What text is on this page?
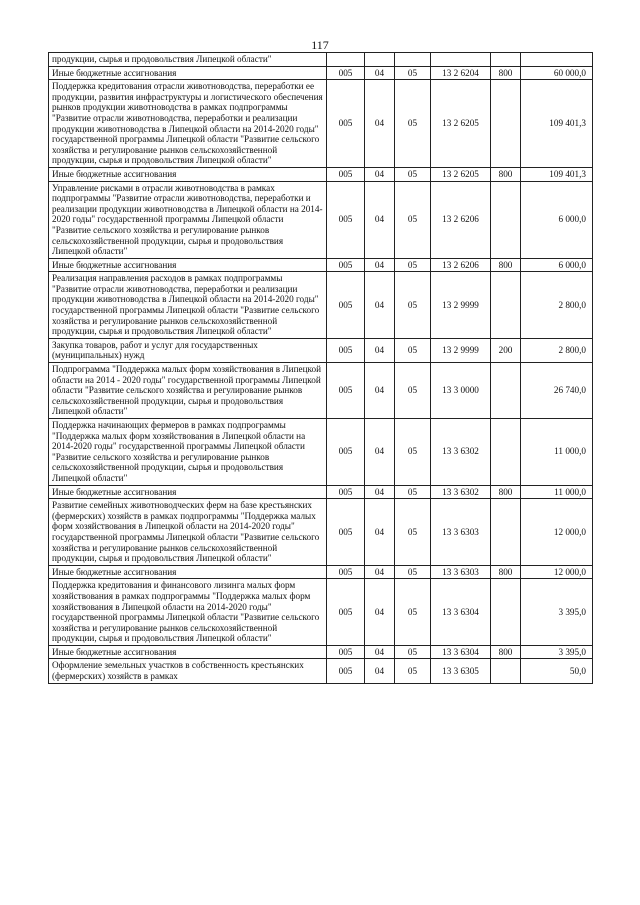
117
продукции, сырья и продовольствия Липецкой области"						
Иные бюджетные ассигнования	005	04	05	13 2 6204	800	60 000,0
Поддержка кредитования отрасли животноводства, переработки ее продукции, развития инфраструктуры и логистического обеспечения рынков продукции животноводства в рамках подпрограммы "Развитие отрасли животноводства, переработки и реализации продукции животноводства в Липецкой области на 2014-2020 годы" государственной программы Липецкой области "Развитие сельского хозяйства и регулирование рынков сельскохозяйственной продукции, сырья и продовольствия Липецкой области"	005	04	05	13 2 6205		109 401,3
Иные бюджетные ассигнования	005	04	05	13 2 6205	800	109 401,3
Управление рисками в отрасли животноводства в рамках подпрограммы "Развитие отрасли животноводства, переработки и реализации продукции животноводства в Липецкой области на 2014-2020 годы" государственной программы Липецкой области "Развитие сельского хозяйства и регулирование рынков сельскохозяйственной продукции, сырья и продовольствия Липецкой области"	005	04	05	13 2 6206		6 000,0
Иные бюджетные ассигнования	005	04	05	13 2 6206	800	6 000,0
Реализация направления расходов в рамках подпрограммы "Развитие отрасли животноводства, переработки и реализации продукции животноводства в Липецкой области на 2014-2020 годы" государственной программы Липецкой области "Развитие сельского хозяйства и регулирование рынков сельскохозяйственной продукции, сырья и продовольствия Липецкой области"	005	04	05	13 2 9999		2 800,0
Закупка товаров, работ и услуг для государственных (муниципальных) нужд	005	04	05	13 2 9999	200	2 800,0
Подпрограмма "Поддержка малых форм хозяйствования в Липецкой области на 2014 - 2020 годы" государственной программы Липецкой области "Развитие сельского хозяйства и регулирование рынков сельскохозяйственной продукции, сырья и продовольствия Липецкой области"	005	04	05	13 3 0000		26 740,0
Поддержка начинающих фермеров в рамках подпрограммы "Поддержка малых форм хозяйствования в Липецкой области на 2014-2020 годы" государственной программы Липецкой области "Развитие сельского хозяйства и регулирование рынков сельскохозяйственной продукции, сырья и продовольствия Липецкой области"	005	04	05	13 3 6302		11 000,0
Иные бюджетные ассигнования	005	04	05	13 3 6302	800	11 000,0
Развитие семейных животноводческих ферм на базе крестьянских (фермерских) хозяйств в рамках подпрограммы "Поддержка малых форм хозяйствования в Липецкой области на 2014-2020 годы" государственной программы Липецкой области "Развитие сельского хозяйства и регулирование рынков сельскохозяйственной продукции, сырья и продовольствия Липецкой области"	005	04	05	13 3 6303		12 000,0
Иные бюджетные ассигнования	005	04	05	13 3 6303	800	12 000,0
Поддержка кредитования и финансового лизинга малых форм хозяйствования в рамках подпрограммы "Поддержка малых форм хозяйствования в Липецкой области на 2014-2020 годы" государственной программы Липецкой области "Развитие сельского хозяйства и регулирование рынков сельскохозяйственной продукции, сырья и продовольствия Липецкой области"	005	04	05	13 3 6304		3 395,0
Иные бюджетные ассигнования	005	04	05	13 3 6304	800	3 395,0
Оформление земельных участков в собственность крестьянских (фермерских) хозяйств в рамках	005	04	05	13 3 6305		50,0
